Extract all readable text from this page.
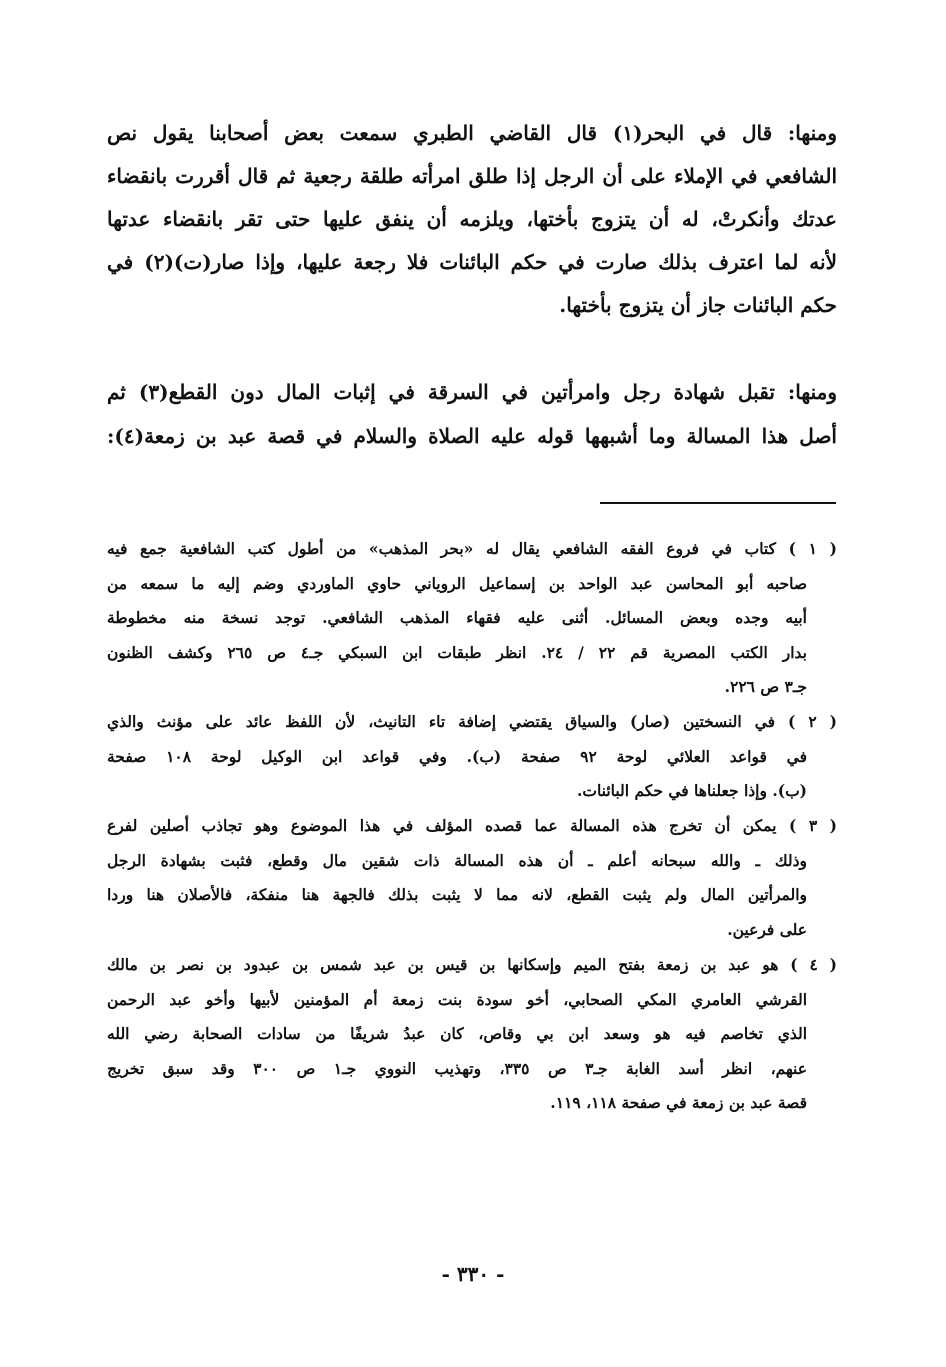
ومنها: قال في البحر(١) قال القاضي الطبري سمعت بعض أصحابنا يقول نص
الشافعي في الإملاء على أن الرجل إذا طلق امرأته طلقة رجعية ثم قال أقررت بانقضاء
عدتك وأنكرتْ، له أن يتزوج بأختها، ويلزمه أن ينفق عليها حتى تقر بانقضاء عدتها
لأنه لما اعترف بذلك صارت في حكم البائنات فلا رجعة عليها، وإذا صار(ت)(٢) في
حكم البائنات جاز أن يتزوج بأختها.
ومنها: تقبل شهادة رجل وامرأتين في السرقة في إثبات المال دون القطع(٣) ثم
أصل هذا المسالة وما أشبهها قوله عليه الصلاة والسلام في قصة عبد بن زمعة(٤):
( ١ ) كتاب في فروع الفقه الشافعي يقال له «بحر المذهب» من أطول كتب الشافعية جمع فيه
صاحبه أبو المحاسن عبد الواحد بن إسماعيل الروياني حاوي الماوردي وضم إليه ما سمعه من
أبيه وجده وبعض المسائل. أثنى عليه فقهاء المذهب الشافعي. توجد نسخة منه مخطوطة
بدار الكتب المصرية قم ٢٢ / ٢٤. انظر طبقات ابن السبكي جـ٤ ص ٢٦٥ وكشف الظنون
جـ٣ ص ٢٢٦.
( ٢ ) في النسختين (صار) والسياق يقتضي إضافة تاء التانيث، لأن اللفظ عائد على مؤنث والذي
في قواعد العلائي لوحة ٩٢ صفحة (ب). وفي قواعد ابن الوكيل لوحة ١٠٨ صفحة
(ب). وإذا جعلناها في حكم البائنات.
( ٣ ) يمكن أن تخرج هذه المسالة عما قصده المؤلف في هذا الموضوع وهو تجاذب أصلين لفرع
وذلك ـ والله سبحانه أعلم ـ أن هذه المسالة ذات شقين مال وقطع، فثبت بشهادة الرجل
والمرأتين المال ولم يثبت القطع، لانه مما لا يثبت بذلك فالجهة هنا منفكة، فالأصلان هنا وردا
على فرعين.
( ٤ ) هو عبد بن زمعة بفتح الميم وإسكانها بن قيس بن عبد شمس بن عبدود بن نصر بن مالك
القرشي العامري المكي الصحابي، أخو سودة بنت زمعة أم المؤمنين لأبيها وأخو عبد الرحمن
الذي تخاصم فيه هو وسعد ابن بي وقاص، كان عبدُ شريفًا من سادات الصحابة رضي الله
عنهم، انظر أسد الغابة جـ٣ ص ٣٣٥، وتهذيب النووي جـ١ ص ٣٠٠ وقد سبق تخريج
قصة عبد بن زمعة في صفحة ١١٨، ١١٩.
- ٣٣٠ -
